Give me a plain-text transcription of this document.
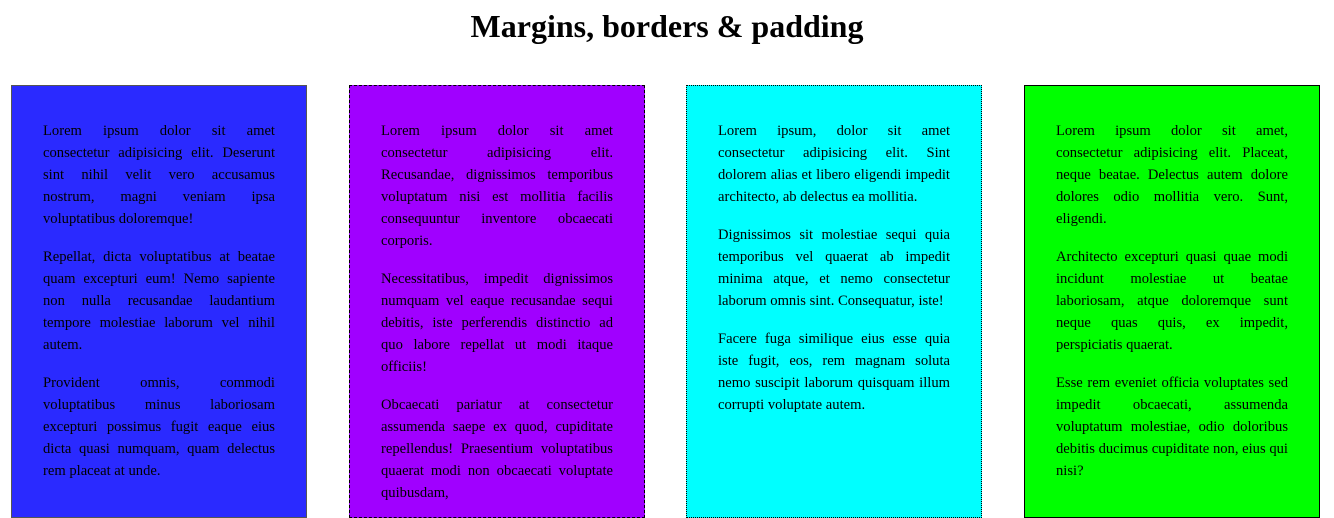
Margins, borders & padding

Lorem ipsum dolor sit amet consectetur adipisicing elit. Deserunt sint nihil velit vero accusamus nostrum, magni veniam ipsa voluptatibus doloremque!

Repellat, dicta voluptatibus at beatae quam excepturi eum! Nemo sapiente non nulla recusandae laudantium tempore molestiae laborum vel nihil autem.

Provident omnis, commodi voluptatibus minus laboriosam excepturi possimus fugit eaque eius dicta quasi numquam, quam delectus rem placeat at unde.

Lorem ipsum dolor sit amet consectetur adipisicing elit. Recusandae, dignissimos temporibus voluptatum nisi est mollitia facilis consequuntur inventore obcaecati corporis.

Necessitatibus, impedit dignissimos numquam vel eaque recusandae sequi debitis, iste perferendis distinctio ad quo labore repellat ut modi itaque officiis!

Obcaecati pariatur at consectetur assumenda saepe ex quod, cupiditate repellendus! Praesentium voluptatibus quaerat modi non obcaecati voluptate quibusdam,

Lorem ipsum, dolor sit amet consectetur adipisicing elit. Sint dolorem alias et libero eligendi impedit architecto, ab delectus ea mollitia.

Dignissimos sit molestiae sequi quia temporibus vel quaerat ab impedit minima atque, et nemo consectetur laborum omnis sint. Consequatur, iste!

Facere fuga similique eius esse quia iste fugit, eos, rem magnam soluta nemo suscipit laborum quisquam illum corrupti voluptate autem.

Lorem ipsum dolor sit amet, consectetur adipisicing elit. Placeat, neque beatae. Delectus autem dolore dolores odio mollitia vero. Sunt, eligendi.

Architecto excepturi quasi quae modi incidunt molestiae ut beatae laboriosam, atque doloremque sunt neque quas quis, ex impedit, perspiciatis quaerat.

Esse rem eveniet officia voluptates sed impedit obcaecati, assumenda voluptatum molestiae, odio doloribus debitis ducimus cupiditate non, eius qui nisi?
